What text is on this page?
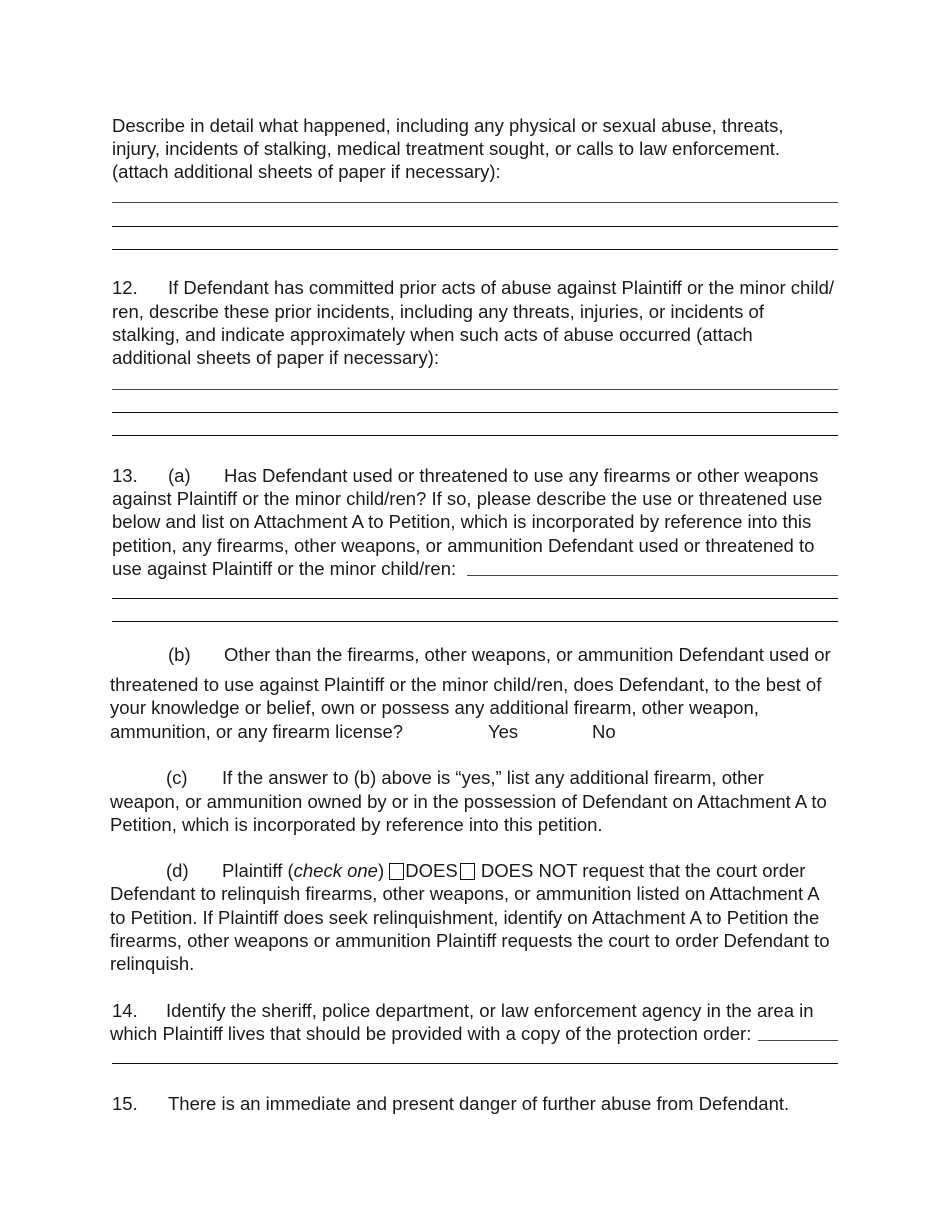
Describe in detail what happened, including any physical or sexual abuse, threats,
injury, incidents of stalking, medical treatment sought, or calls to law enforcement.
(attach additional sheets of paper if necessary):
12. If Defendant has committed prior acts of abuse against Plaintiff or the minor child/
ren, describe these prior incidents, including any threats, injuries, or incidents of
stalking, and indicate approximately when such acts of abuse occurred (attach
additional sheets of paper if necessary):
13. (a) Has Defendant used or threatened to use any firearms or other weapons
against Plaintiff or the minor child/ren? If so, please describe the use or threatened use
below and list on Attachment A to Petition, which is incorporated by reference into this
petition, any firearms, other weapons, or ammunition Defendant used or threatened to
use against Plaintiff or the minor child/ren:
(b) Other than the firearms, other weapons, or ammunition Defendant used or
threatened to use against Plaintiff or the minor child/ren, does Defendant, to the best of
your knowledge or belief, own or possess any additional firearm, other weapon,
ammunition, or any firearm license?	Yes	No
(c) If the answer to (b) above is “yes,” list any additional firearm, other
weapon, or ammunition owned by or in the possession of Defendant on Attachment A to
Petition, which is incorporated by reference into this petition.
(d) Plaintiff (check one) DOES DOES NOT request that the court order
Defendant to relinquish firearms, other weapons, or ammunition listed on Attachment A
to Petition. If Plaintiff does seek relinquishment, identify on Attachment A to Petition the
firearms, other weapons or ammunition Plaintiff requests the court to order Defendant to
relinquish.
14. Identify the sheriff, police department, or law enforcement agency in the area in
which Plaintiff lives that should be provided with a copy of the protection order:
15. There is an immediate and present danger of further abuse from Defendant.
